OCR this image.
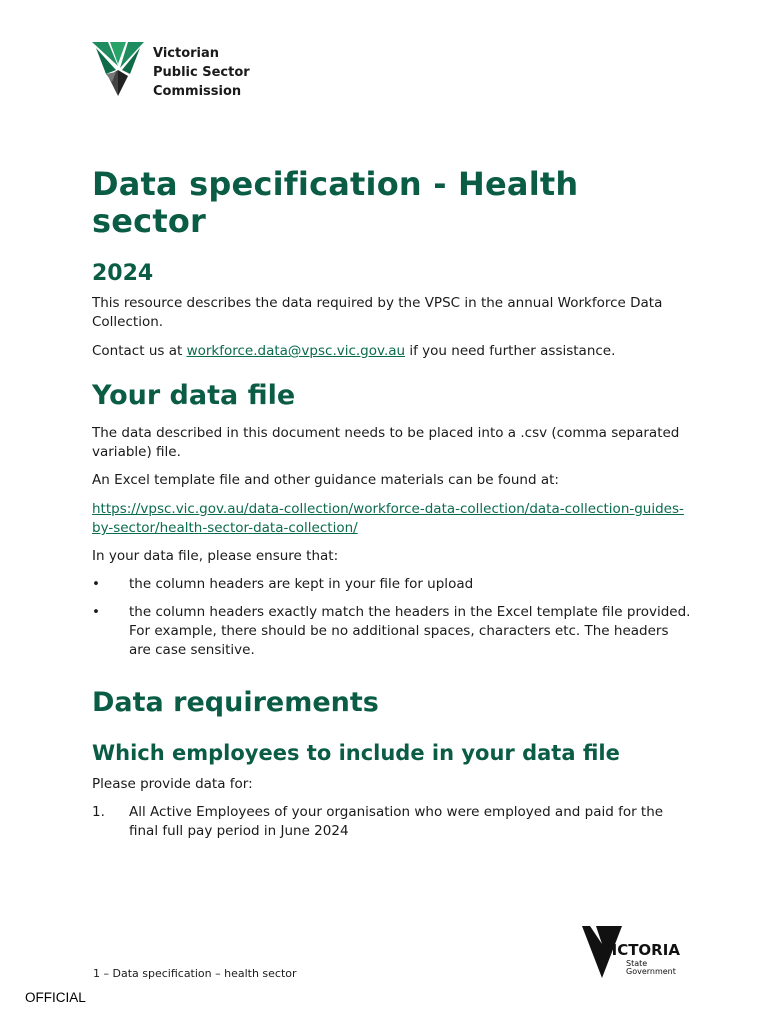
Victorian
Public Sector
Commission
Data specification - Health sector
2024

This resource describes the data required by the VPSC in the annual Workforce Data Collection.

Contact us at workforce.data@vpsc.vic.gov.au if you need further assistance.

Your data file

The data described in this document needs to be placed into a .csv (comma separated variable) file.

An Excel template file and other guidance materials can be found at:

https://vpsc.vic.gov.au/data-collection/workforce-data-collection/data-collection-guides-by-sector/health-sector-data-collection/

In your data file, please ensure that:

• the column headers are kept in your file for upload
• the column headers exactly match the headers in the Excel template file provided. For example, there should be no additional spaces, characters etc. The headers are case sensitive.
Data requirements
Which employees to include in your data file

Please provide data for:

1. All Active Employees of your organisation who were employed and paid for the final full pay period in June 2024
1 – Data specification – health sector
OFFICIAL
VICTORIA
State
Government
